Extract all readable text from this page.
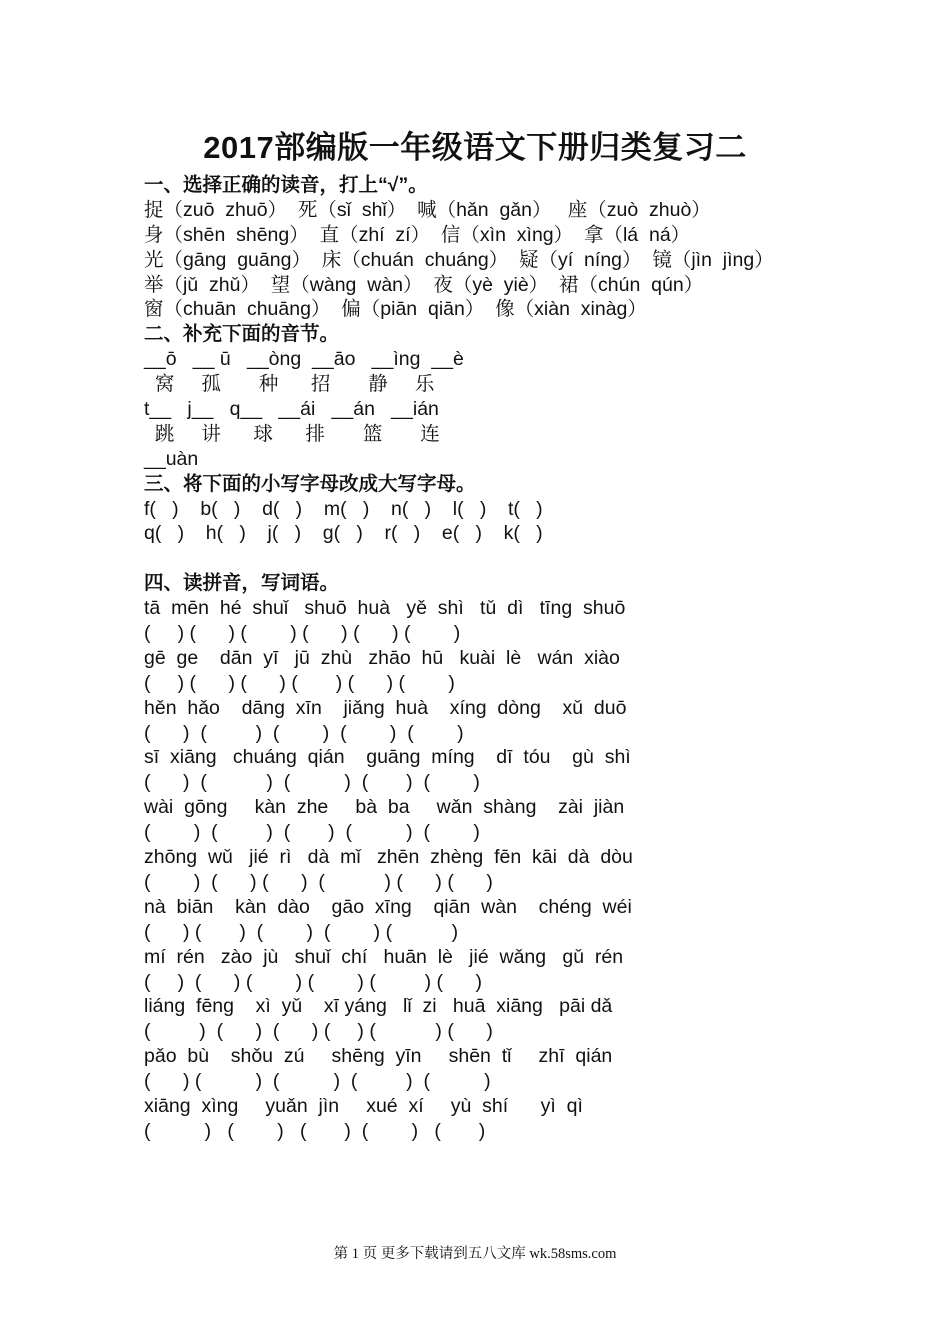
2017部编版一年级语文下册归类复习二
一、选择正确的读音，打上“√”。
捉（zuō  zhuō）  死（sǐ  shǐ）  喊（hǎn  gǎn）   座（zuò  zhuò）
身（shēn  shēng）  直（zhí  zí）  信（xìn  xìng）  拿（lá  ná）
光（gāng  guāng）  床（chuán  chuáng）  疑（yí  níng）  镜（jìn  jìng）
举（jǔ  zhǔ）  望（wàng  wàn）  夜（yè  yiè）  裙（chún  qún）
窗（chuān  chuāng）  偏（piān  qiān）  像（xiàn  xinàg）
二、补充下面的音节。
__ō   __ ū   __òng  __āo   __ìng  __è
窝     孤       种      招       静     乐
t__   j__   q__   __ái   __án   __ián
跳     讲      球      排       篮       连
__uàn
三、将下面的小写字母改成大写字母。
f(   )    b(   )    d(   )    m(   )    n(   )    l(   )    t(   )
q(   )    h(   )    j(   )    g(   )    r(   )    e(   )    k(   )
四、读拼音，写词语。
tā  mēn  hé  shuǐ   shuō  huà   yě  shì   tǔ  dì   tīng  shuō
(     ) (      ) (        ) (      ) (      ) (        )
gē  ge    dān  yī   jū  zhù   zhāo  hū   kuài  lè   wán  xiào
(     ) (      ) (      ) (       ) (      ) (        )
hěn  hǎo    dāng  xīn    jiǎng  huà    xíng  dòng    xǔ  duō
(      )  (         )  (        )  (        )  (        )
sī  xiāng   chuáng  qián    guāng  míng    dī  tóu    gù  shì
(      )  (           )  (          )  (       )  (        )
wài  gōng     kàn  zhe     bà  ba     wǎn  shàng    zài  jiàn
(        )  (         )  (       )  (          )  (        )
zhōng  wǔ   jié  rì   dà  mǐ   zhēn  zhèng  fēn  kāi  dà  dòu
(        )  (      ) (      )  (           ) (      ) (      )
nà  biān    kàn  dào    gāo  xīng    qiān  wàn    chéng  wéi
(      ) (       )  (        )  (        ) (           )
mí  rén   zào  jù   shuǐ  chí   huān  lè   jié  wǎng   gǔ  rén
(     )  (      ) (        ) (        ) (         ) (      )
liáng  fēng    xì  yǔ    xī yáng   lǐ  zi   huā  xiāng   pāi dǎ
(         )  (      )  (      ) (     ) (           ) (      )
pǎo  bù    shǒu  zú     shēng  yīn     shēn  tǐ     zhī  qián
(      ) (          )  (          )  (         )  (          )
xiāng  xìng     yuǎn  jìn     xué  xí     yù  shí      yì  qì
(          )   (        )   (       )  (        )   (       )
第 1 页 更多下载请到五八文库 wk.58sms.com
